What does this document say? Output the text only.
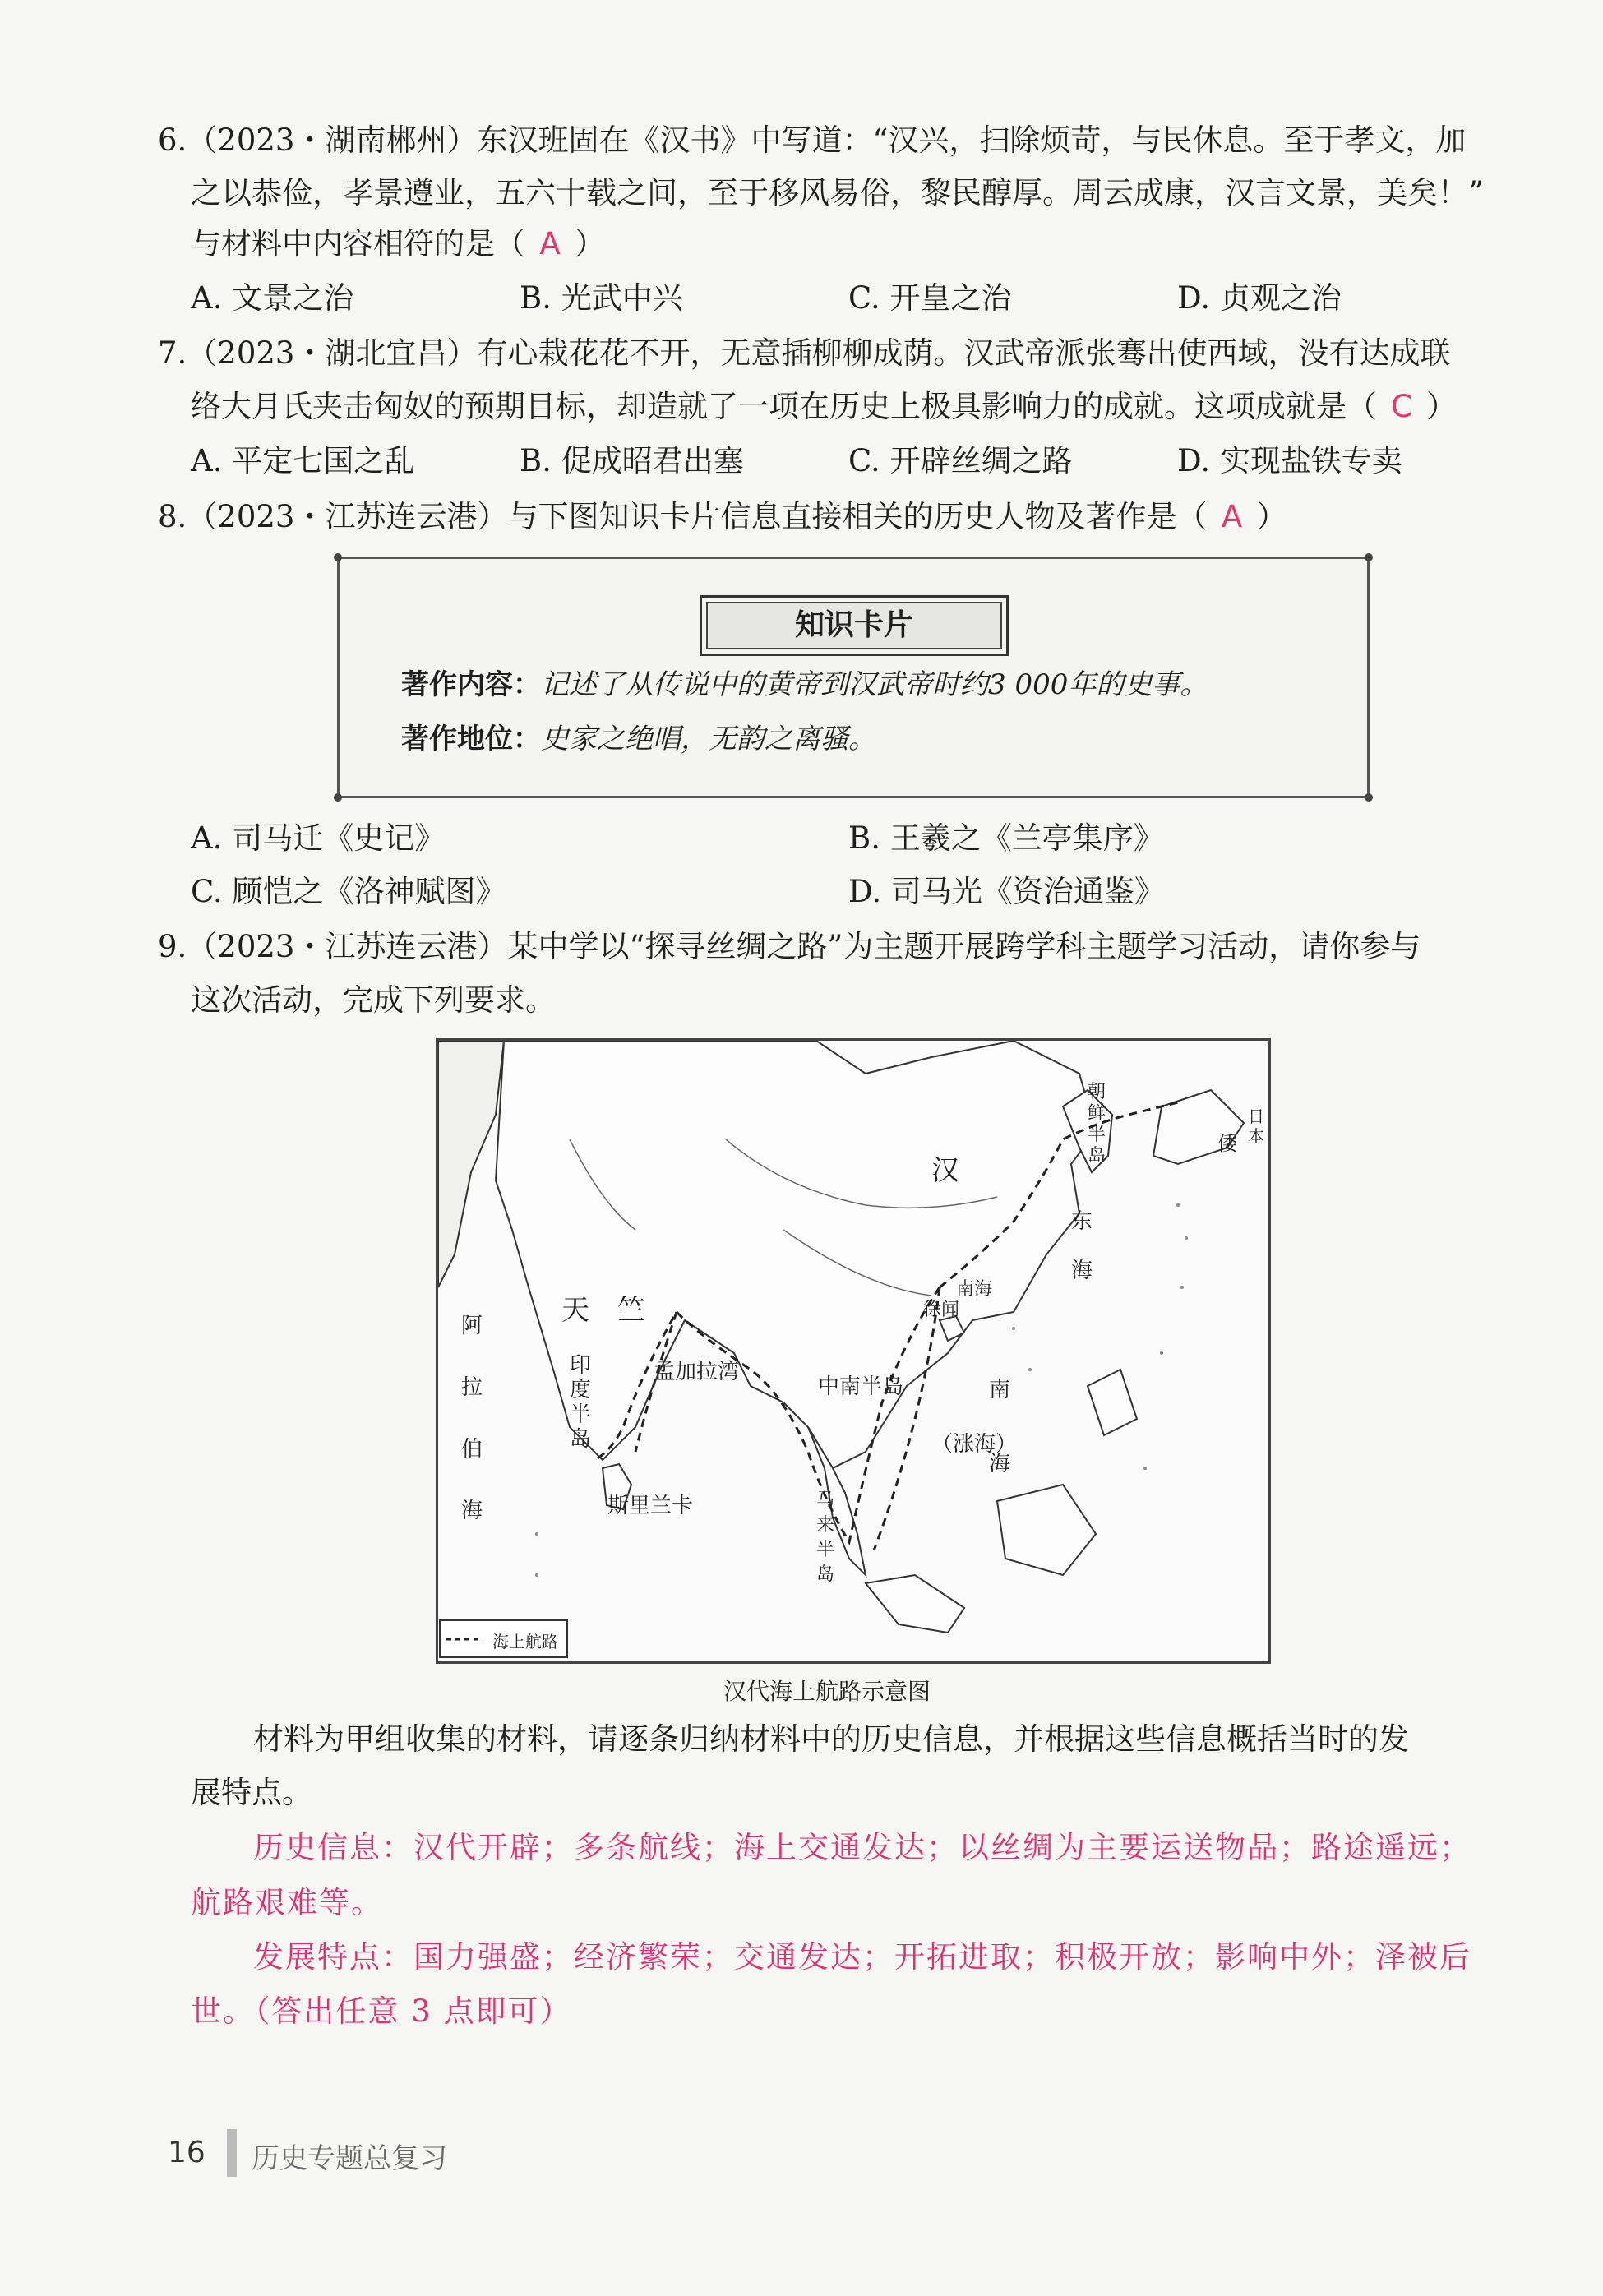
6.（2023・湖南郴州）东汉班固在《汉书》中写道：“汉兴，扫除烦苛，与民休息。至于孝文，加
之以恭俭，孝景遵业，五六十载之间，至于移风易俗，黎民醇厚。周云成康，汉言文景，美矣！”
与材料中内容相符的是（ A ）
A. 文景之治	B. 光武中兴	C. 开皇之治	D. 贞观之治
7.（2023・湖北宜昌）有心栽花花不开，无意插柳柳成荫。汉武帝派张骞出使西域，没有达成联
络大月氏夹击匈奴的预期目标，却造就了一项在历史上极具影响力的成就。这项成就是（ C ）
A. 平定七国之乱	B. 促成昭君出塞	C. 开辟丝绸之路	D. 实现盐铁专卖
8.（2023・江苏连云港）与下图知识卡片信息直接相关的历史人物及著作是（ A ）
知识卡片
著作内容：记述了从传说中的黄帝到汉武帝时约3 000年的史事。
著作地位：史家之绝唱，无韵之离骚。
A. 司马迁《史记》	B. 王羲之《兰亭集序》
C. 顾恺之《洛神赋图》	D. 司马光《资治通鉴》
9.（2023・江苏连云港）某中学以“探寻丝绸之路”为主题开展跨学科主题学习活动，请你参与
这次活动，完成下列要求。
汉
天　竺
印度半岛
孟加拉湾
中南半岛
（涨海）
斯里兰卡	马来半岛
阿拉伯海
南海
东海
徐闻
南海
朝鲜半岛
倭
日本
海上航路
汉代海上航路示意图
材料为甲组收集的材料，请逐条归纳材料中的历史信息，并根据这些信息概括当时的发
展特点。
历史信息：汉代开辟；多条航线；海上交通发达；以丝绸为主要运送物品；路途遥远；
航路艰难等。
发展特点：国力强盛；经济繁荣；交通发达；开拓进取；积极开放；影响中外；泽被后
世。（答出任意 3 点即可）
16 历史专题总复习
